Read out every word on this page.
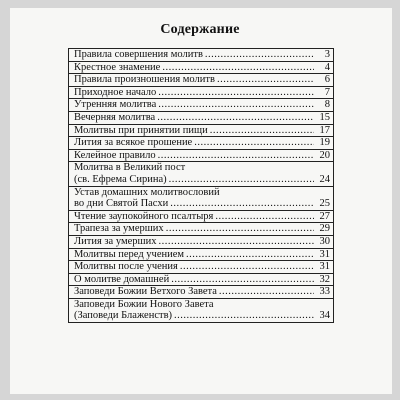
Содержание
Правила совершения молитв .....	3
Крестное знамение .....	4
Правила произношения молитв .....	6
Приходное начало .....	7
Утренняя молитва .....	8
Вечерняя молитва .....	15
Молитвы при принятии пищи .....	17
Лития за всякое прошение .....	19
Келейное правило .....	20
Молитва в Великий пост
(св. Ефрема Сирина) .....	24
Устав домашних молитвословий
во дни Святой Пасхи .....	25
Чтение заупокойного псалтыря .....	27
Трапеза за умерших .....	29
Лития за умерших .....	30
Молитвы перед учением .....	31
Молитвы после учения .....	31
О молитве домашней .....	32
Заповеди Божии Ветхого Завета .....	33
Заповеди Божии Нового Завета
(Заповеди Блаженств) .....	34
